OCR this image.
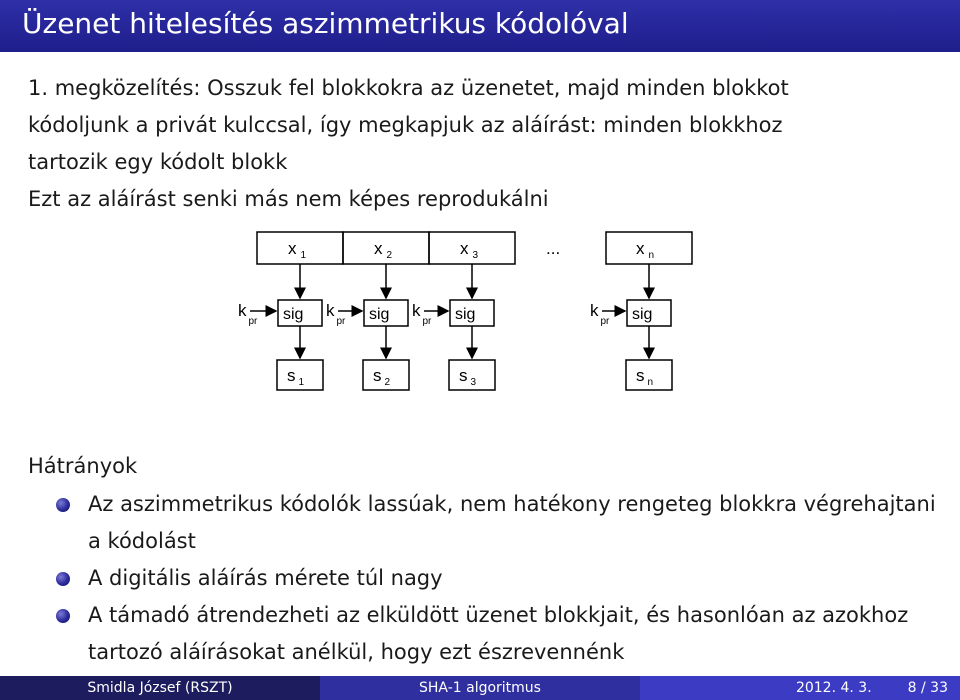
Üzenet hitelesítés aszimmetrikus kódolóval
1. megközelítés: Osszuk fel blokkokra az üzenetet, majd minden blokkot
kódoljunk a privát kulccsal, így megkapjuk az aláírást: minden blokkhoz
tartozik egy kódolt blokk
Ezt az aláírást senki más nem képes reprodukálni
x $_1$	x $_2$	x $_3$	x $_n$
...
sig	sig	sig	sig
$k_{pr}$
$k_{pr}$
$k_{pr}$
$k_{pr}$
s $_1$	s $_2$	s $_3$	s $_n$
Hátrányok
Az aszimmetrikus kódolók lassúak, nem hatékony rengeteg blokkra végrehajtani a kódolást
A digitális aláírás mérete túl nagy
A támadó átrendezheti az elküldött üzenet blokkjait, és hasonlóan az azokhoz tartozó aláírásokat anélkül, hogy ezt észrevennénk
Smidla József (RSZT)	SHA-1 algoritmus	2012. 4. 3.	8 / 33
